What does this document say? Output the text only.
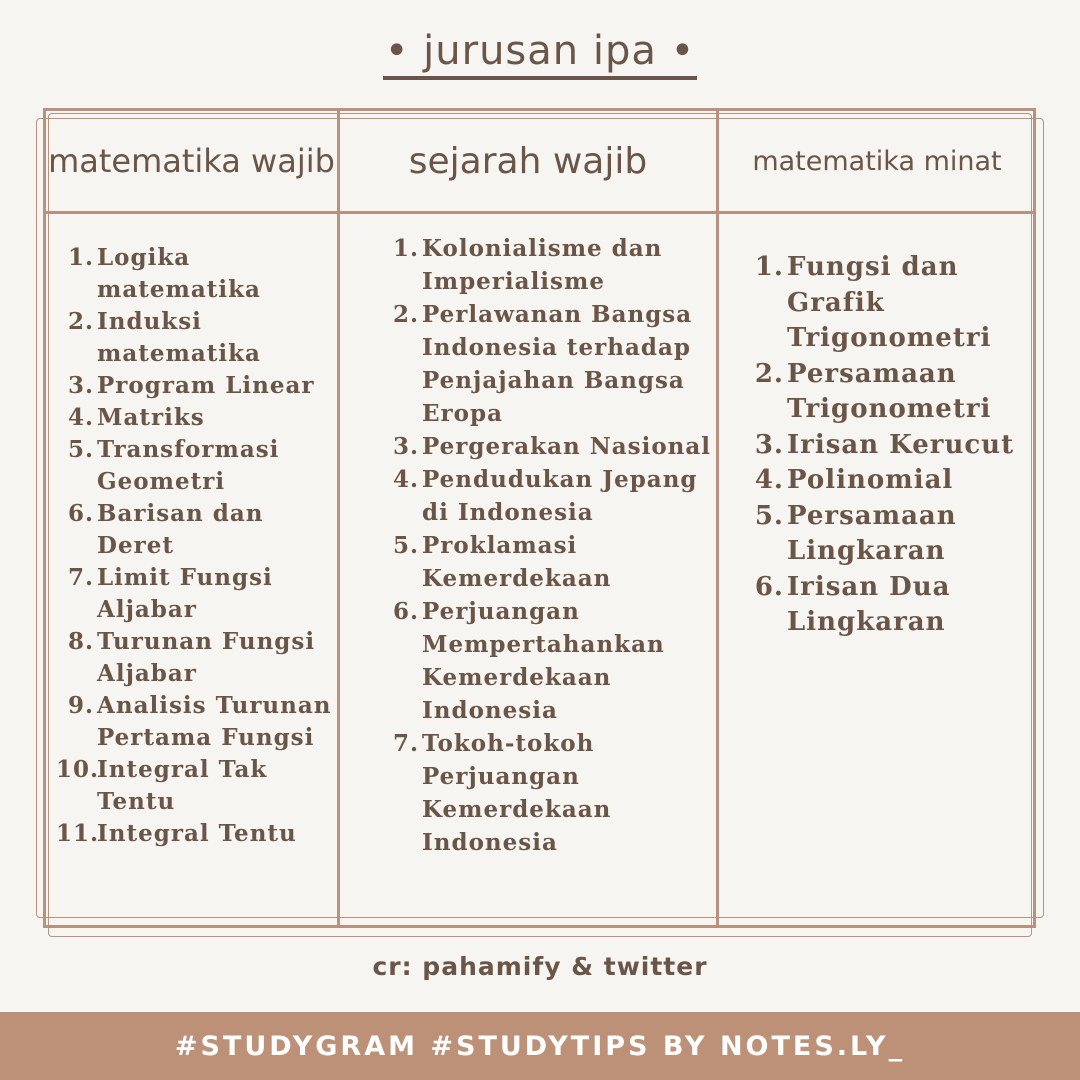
• jurusan ipa •
matematika wajib	sejarah wajib	matematika minat
1. Logika matematika
2. Induksi matematika
3. Program Linear
4. Matriks
5. Transformasi Geometri
6. Barisan dan Deret
7. Limit Fungsi Aljabar
8. Turunan Fungsi Aljabar
9. Analisis Turunan Pertama Fungsi
10.
Integral Tak Tentu
11.
Integral Tentu
1. Kolonialisme dan Imperialisme
2. Perlawanan Bangsa Indonesia terhadap Penjajahan Bangsa Eropa
3. Pergerakan Nasional
4. Pendudukan Jepang di Indonesia
5. Proklamasi Kemerdekaan
6. Perjuangan Mempertahankan Kemerdekaan Indonesia
7. Tokoh-tokoh Perjuangan Kemerdekaan Indonesia
1. Fungsi dan Grafik Trigonometri
2. Persamaan Trigonometri
3. Irisan Kerucut
4. Polinomial
5. Persamaan Lingkaran
6. Irisan Dua Lingkaran
cr: pahamify & twitter
#STUDYGRAM #STUDYTIPS BY NOTES.LY_
